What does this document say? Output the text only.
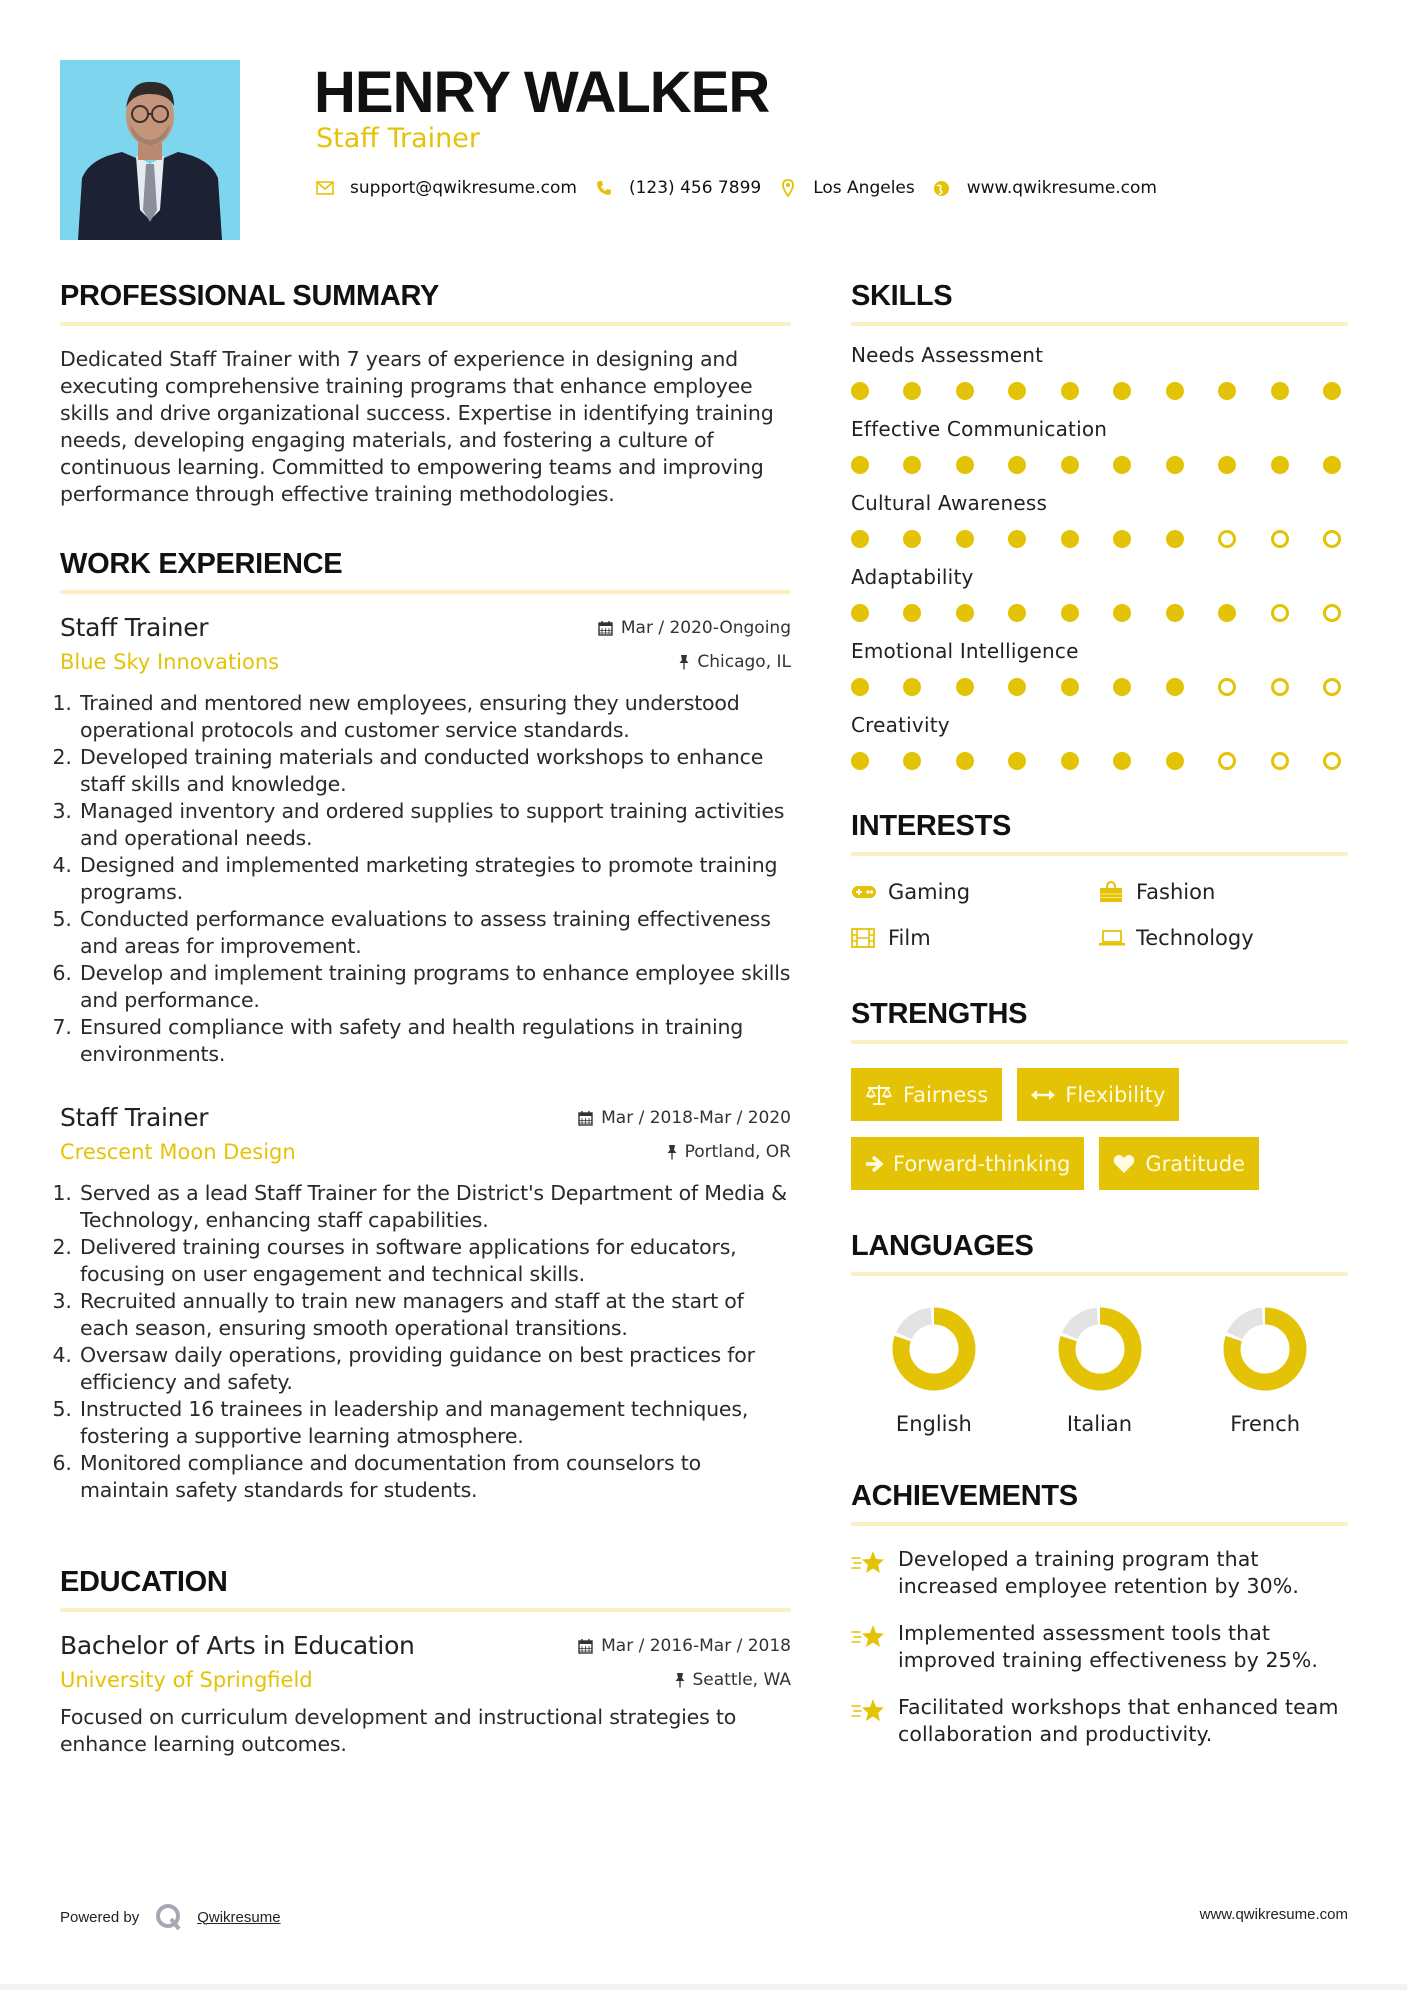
HENRY WALKER
Staff Trainer
support@qwikresume.com	(123) 456 7899	Los Angeles	www.qwikresume.com
PROFESSIONAL SUMMARY

Dedicated Staff Trainer with 7 years of experience in designing and executing comprehensive training programs that enhance employee skills and drive organizational success. Expertise in identifying training needs, developing engaging materials, and fostering a culture of continuous learning. Committed to empowering teams and improving performance through effective training methodologies.

WORK EXPERIENCE
Staff Trainer	Mar / 2020-Ongoing
Blue Sky Innovations	Chicago, IL
1. Trained and mentored new employees, ensuring they understood operational protocols and customer service standards.
2. Developed training materials and conducted workshops to enhance staff skills and knowledge.
3. Managed inventory and ordered supplies to support training activities and operational needs.
4. Designed and implemented marketing strategies to promote training programs.
5. Conducted performance evaluations to assess training effectiveness and areas for improvement.
6. Develop and implement training programs to enhance employee skills and performance.
7. Ensured compliance with safety and health regulations in training environments.
Staff Trainer	Mar / 2018-Mar / 2020
Crescent Moon Design	Portland, OR
1. Served as a lead Staff Trainer for the District's Department of Media & Technology, enhancing staff capabilities.
2. Delivered training courses in software applications for educators, focusing on user engagement and technical skills.
3. Recruited annually to train new managers and staff at the start of each season, ensuring smooth operational transitions.
4. Oversaw daily operations, providing guidance on best practices for efficiency and safety.
5. Instructed 16 trainees in leadership and management techniques, fostering a supportive learning atmosphere.
6. Monitored compliance and documentation from counselors to maintain safety standards for students.
EDUCATION
Bachelor of Arts in Education	Mar / 2016-Mar / 2018
University of Springfield	Seattle, WA

Focused on curriculum development and instructional strategies to enhance learning outcomes.

SKILLS
Needs Assessment
Effective Communication
Cultural Awareness
Adaptability
Emotional Intelligence
Creativity
INTERESTS
Gaming	Fashion
Film	Technology
STRENGTHS
Fairness	Flexibility
Forward-thinking	Gratitude
LANGUAGES
English	Italian	French
ACHIEVEMENTS
Developed a training program that increased employee retention by 30%.
Implemented assessment tools that improved training effectiveness by 25%.
Facilitated workshops that enhanced team collaboration and productivity.
Powered by	Qwikresume	www.qwikresume.com
